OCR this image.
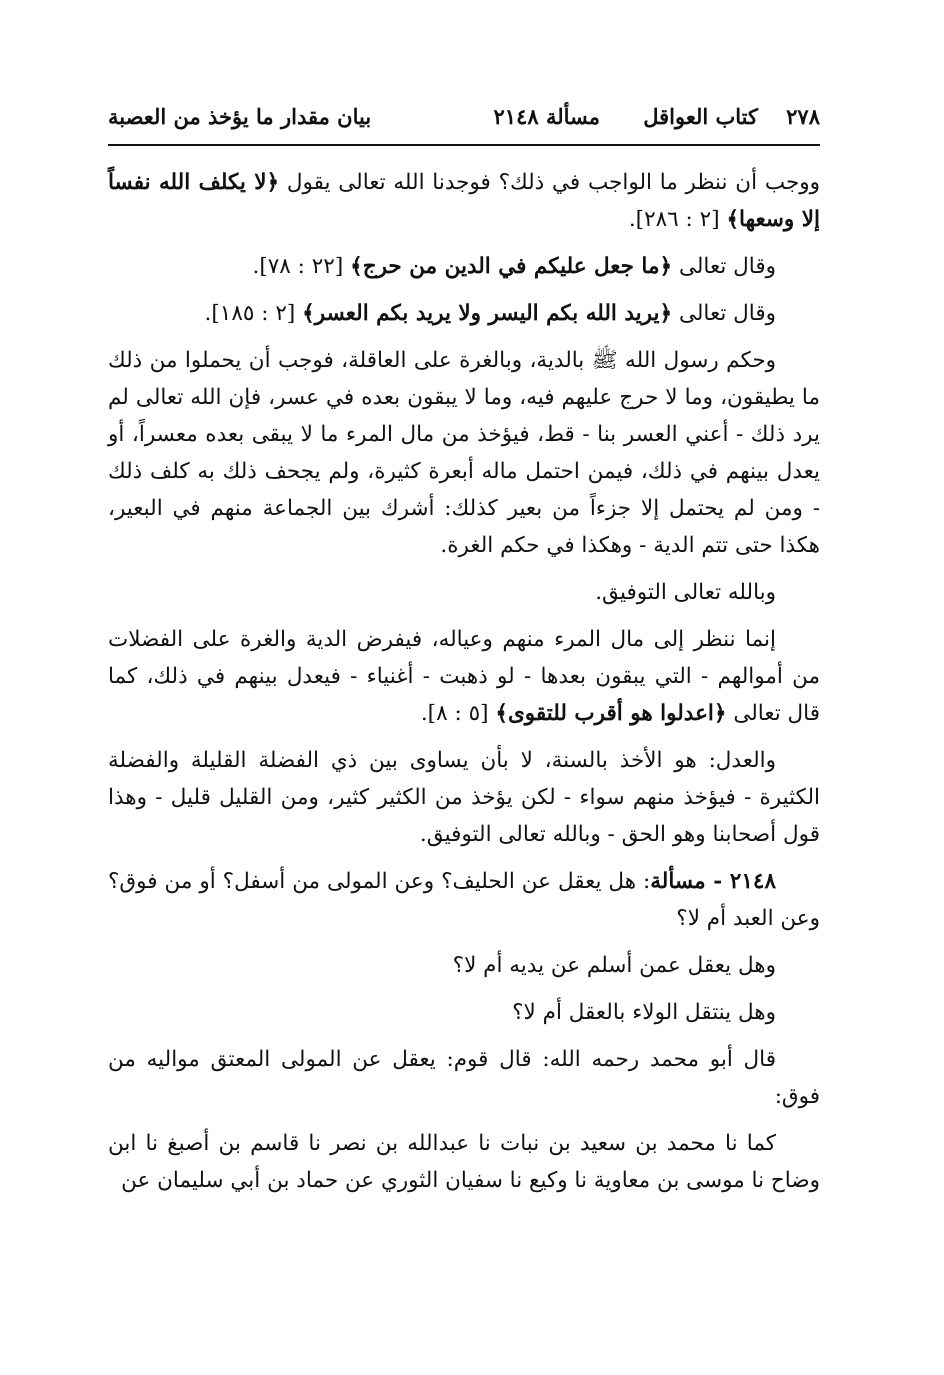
٢٧٨
كتاب العواقل
مسألة ٢١٤٨
بيان مقدار ما يؤخذ من العصبة

ووجب أن ننظر ما الواجب في ذلك؟ فوجدنا الله تعالى يقول ﴿لا يكلف الله نفساً إلا وسعها﴾ [٢ : ٢٨٦].

وقال تعالى ﴿ما جعل عليكم في الدين من حرج﴾ [٢٢ : ٧٨].

وقال تعالى ﴿يريد الله بكم اليسر ولا يريد بكم العسر﴾ [٢ : ١٨٥].

وحكم رسول الله ﷺ بالدية، وبالغرة على العاقلة، فوجب أن يحملوا من ذلك ما يطيقون، وما لا حرج عليهم فيه، وما لا يبقون بعده في عسر، فإن الله تعالى لم يرد ذلك - أعني العسر بنا - قط، فيؤخذ من مال المرء ما لا يبقى بعده معسراً، أو يعدل بينهم في ذلك، فيمن احتمل ماله أبعرة كثيرة، ولم يجحف ذلك به كلف ذلك - ومن لم يحتمل إلا جزءاً من بعير كذلك: أشرك بين الجماعة منهم في البعير، هكذا حتى تتم الدية - وهكذا في حكم الغرة.

وبالله تعالى التوفيق.

إنما ننظر إلى مال المرء منهم وعياله، فيفرض الدية والغرة على الفضلات من أموالهم - التي يبقون بعدها - لو ذهبت - أغنياء - فيعدل بينهم في ذلك، كما قال تعالى ﴿اعدلوا هو أقرب للتقوى﴾ [٥ : ٨].

والعدل: هو الأخذ بالسنة، لا بأن يساوى بين ذي الفضلة القليلة والفضلة الكثيرة - فيؤخذ منهم سواء - لكن يؤخذ من الكثير كثير، ومن القليل قليل - وهذا قول أصحابنا وهو الحق - وبالله تعالى التوفيق.

٢١٤٨ - مسألة: هل يعقل عن الحليف؟ وعن المولى من أسفل؟ أو من فوق؟ وعن العبد أم لا؟

وهل يعقل عمن أسلم عن يديه أم لا؟

وهل ينتقل الولاء بالعقل أم لا؟

قال أبو محمد رحمه الله: قال قوم: يعقل عن المولى المعتق مواليه من فوق:

كما نا محمد بن سعيد بن نبات نا عبدالله بن نصر نا قاسم بن أصبغ نا ابن وضاح نا موسى بن معاوية نا وكيع نا سفيان الثوري عن حماد بن أبي سليمان عن
